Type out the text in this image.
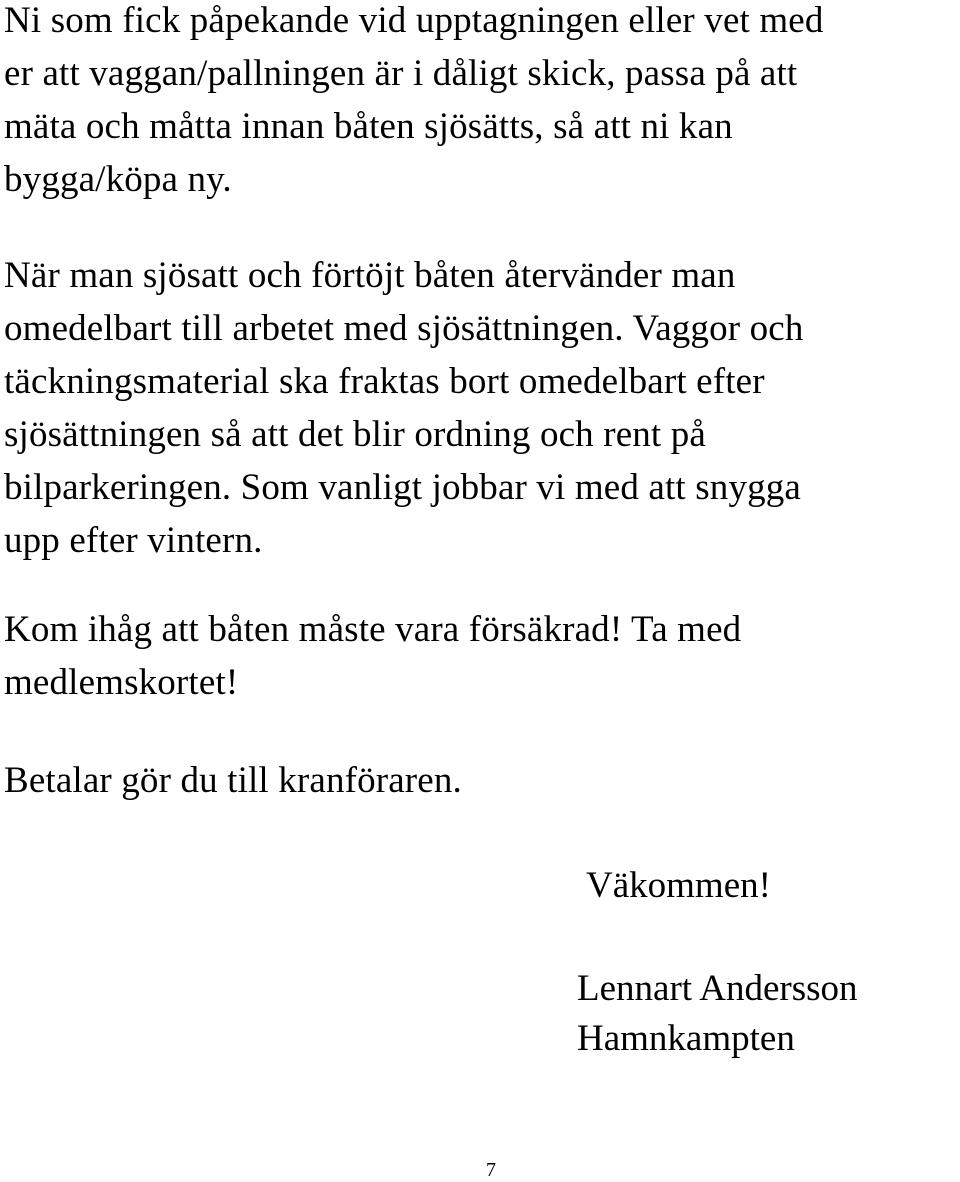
Ni som fick påpekande vid upptagningen eller vet med
er att vaggan/pallningen är i dåligt skick, passa på att
mäta och måtta innan båten sjösätts, så att ni kan
bygga/köpa ny.

När man sjösatt och förtöjt båten återvänder man
omedelbart till arbetet med sjösättningen. Vaggor och
täckningsmaterial ska fraktas bort omedelbart efter
sjösättningen så att det blir ordning och rent på
bilparkeringen. Som vanligt jobbar vi med att snygga
upp efter vintern.

Kom ihåg att båten måste vara försäkrad! Ta med
medlemskortet!

Betalar gör du till kranföraren.

Väkommen!

Lennart Andersson

Hamnkampten

7
